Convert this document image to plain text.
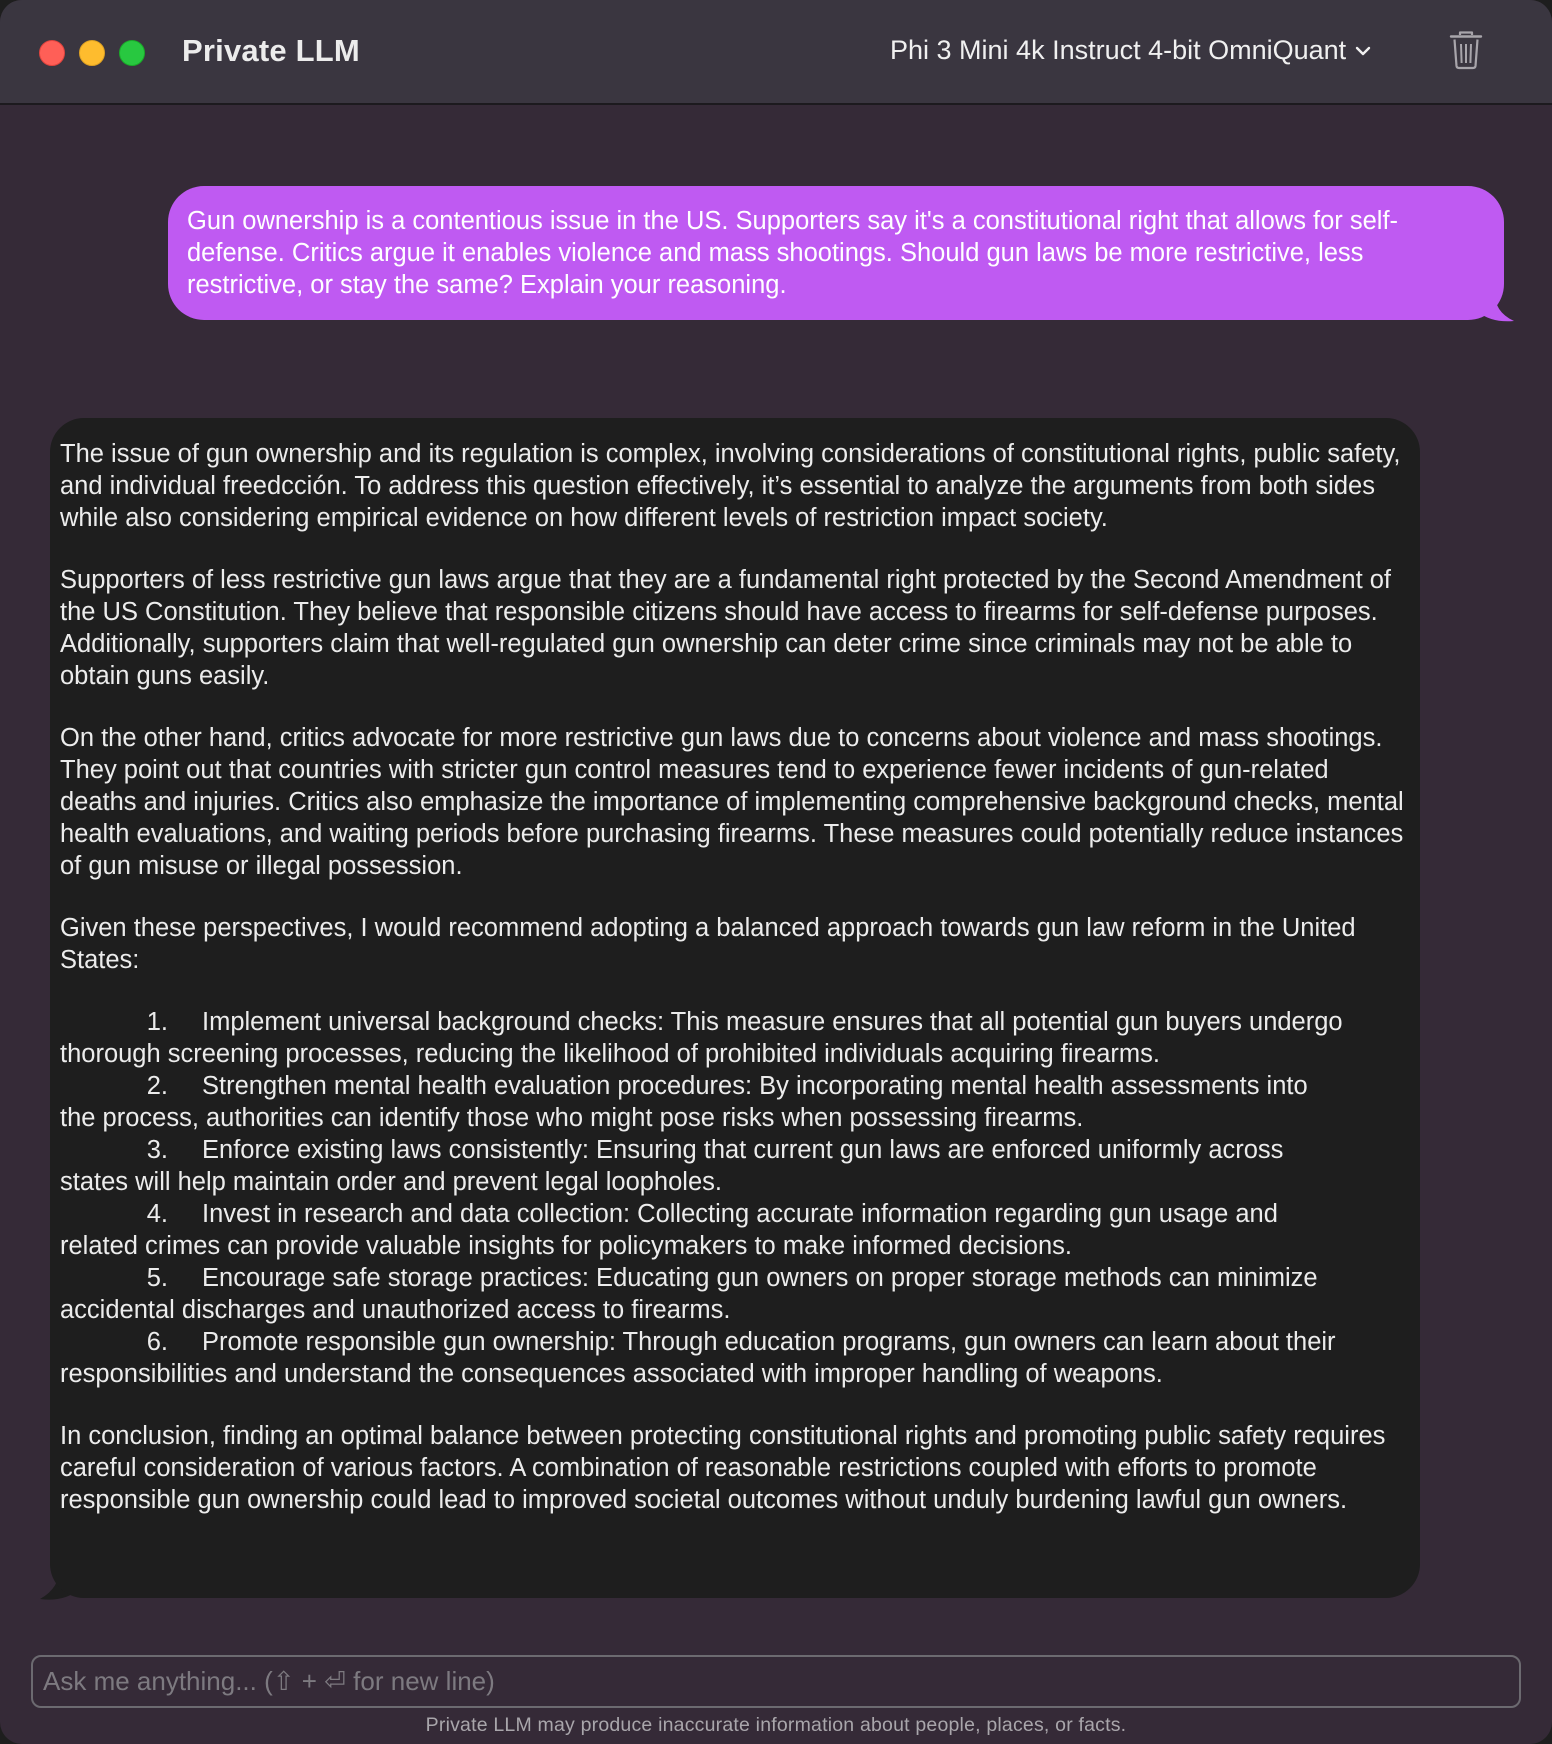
Private LLM	Phi 3 Mini 4k Instruct 4-bit OmniQuant
Gun ownership is a contentious issue in the US. Supporters say it's a constitutional right that allows for self-defense. Critics argue it enables violence and mass shootings. Should gun laws be more restrictive, less restrictive, or stay the same? Explain your reasoning.

The issue of gun ownership and its regulation is complex, involving considerations of constitutional rights, public safety, and individual freedcción. To address this question effectively, it’s essential to analyze the arguments from both sides while also considering empirical evidence on how different levels of restriction impact society.

Supporters of less restrictive gun laws argue that they are a fundamental right protected by the Second Amendment of the US Constitution. They believe that responsible citizens should have access to firearms for self-defense purposes. Additionally, supporters claim that well-regulated gun ownership can deter crime since criminals may not be able to obtain guns easily.

On the other hand, critics advocate for more restrictive gun laws due to concerns about violence and mass shootings. They point out that countries with stricter gun control measures tend to experience fewer incidents of gun-related deaths and injuries. Critics also emphasize the importance of implementing comprehensive background checks, mental health evaluations, and waiting periods before purchasing firearms. These measures could potentially reduce instances of gun misuse or illegal possession.

Given these perspectives, I would recommend adopting a balanced approach towards gun law reform in the United States:

1. Implement universal background checks: This measure ensures that all potential gun buyers undergo
thorough screening processes, reducing the likelihood of prohibited individuals acquiring firearms.
2. Strengthen mental health evaluation procedures: By incorporating mental health assessments into
the process, authorities can identify those who might pose risks when possessing firearms.
3. Enforce existing laws consistently: Ensuring that current gun laws are enforced uniformly across
states will help maintain order and prevent legal loopholes.
4. Invest in research and data collection: Collecting accurate information regarding gun usage and
related crimes can provide valuable insights for policymakers to make informed decisions.
5. Encourage safe storage practices: Educating gun owners on proper storage methods can minimize
accidental discharges and unauthorized access to firearms.
6. Promote responsible gun ownership: Through education programs, gun owners can learn about their
responsibilities and understand the consequences associated with improper handling of weapons.

In conclusion, finding an optimal balance between protecting constitutional rights and promoting public safety requires careful consideration of various factors. A combination of reasonable restrictions coupled with efforts to promote responsible gun ownership could lead to improved societal outcomes without unduly burdening lawful gun owners.

Ask me anything... (⇧ + ⏎ for new line)
Private LLM may produce inaccurate information about people, places, or facts.
